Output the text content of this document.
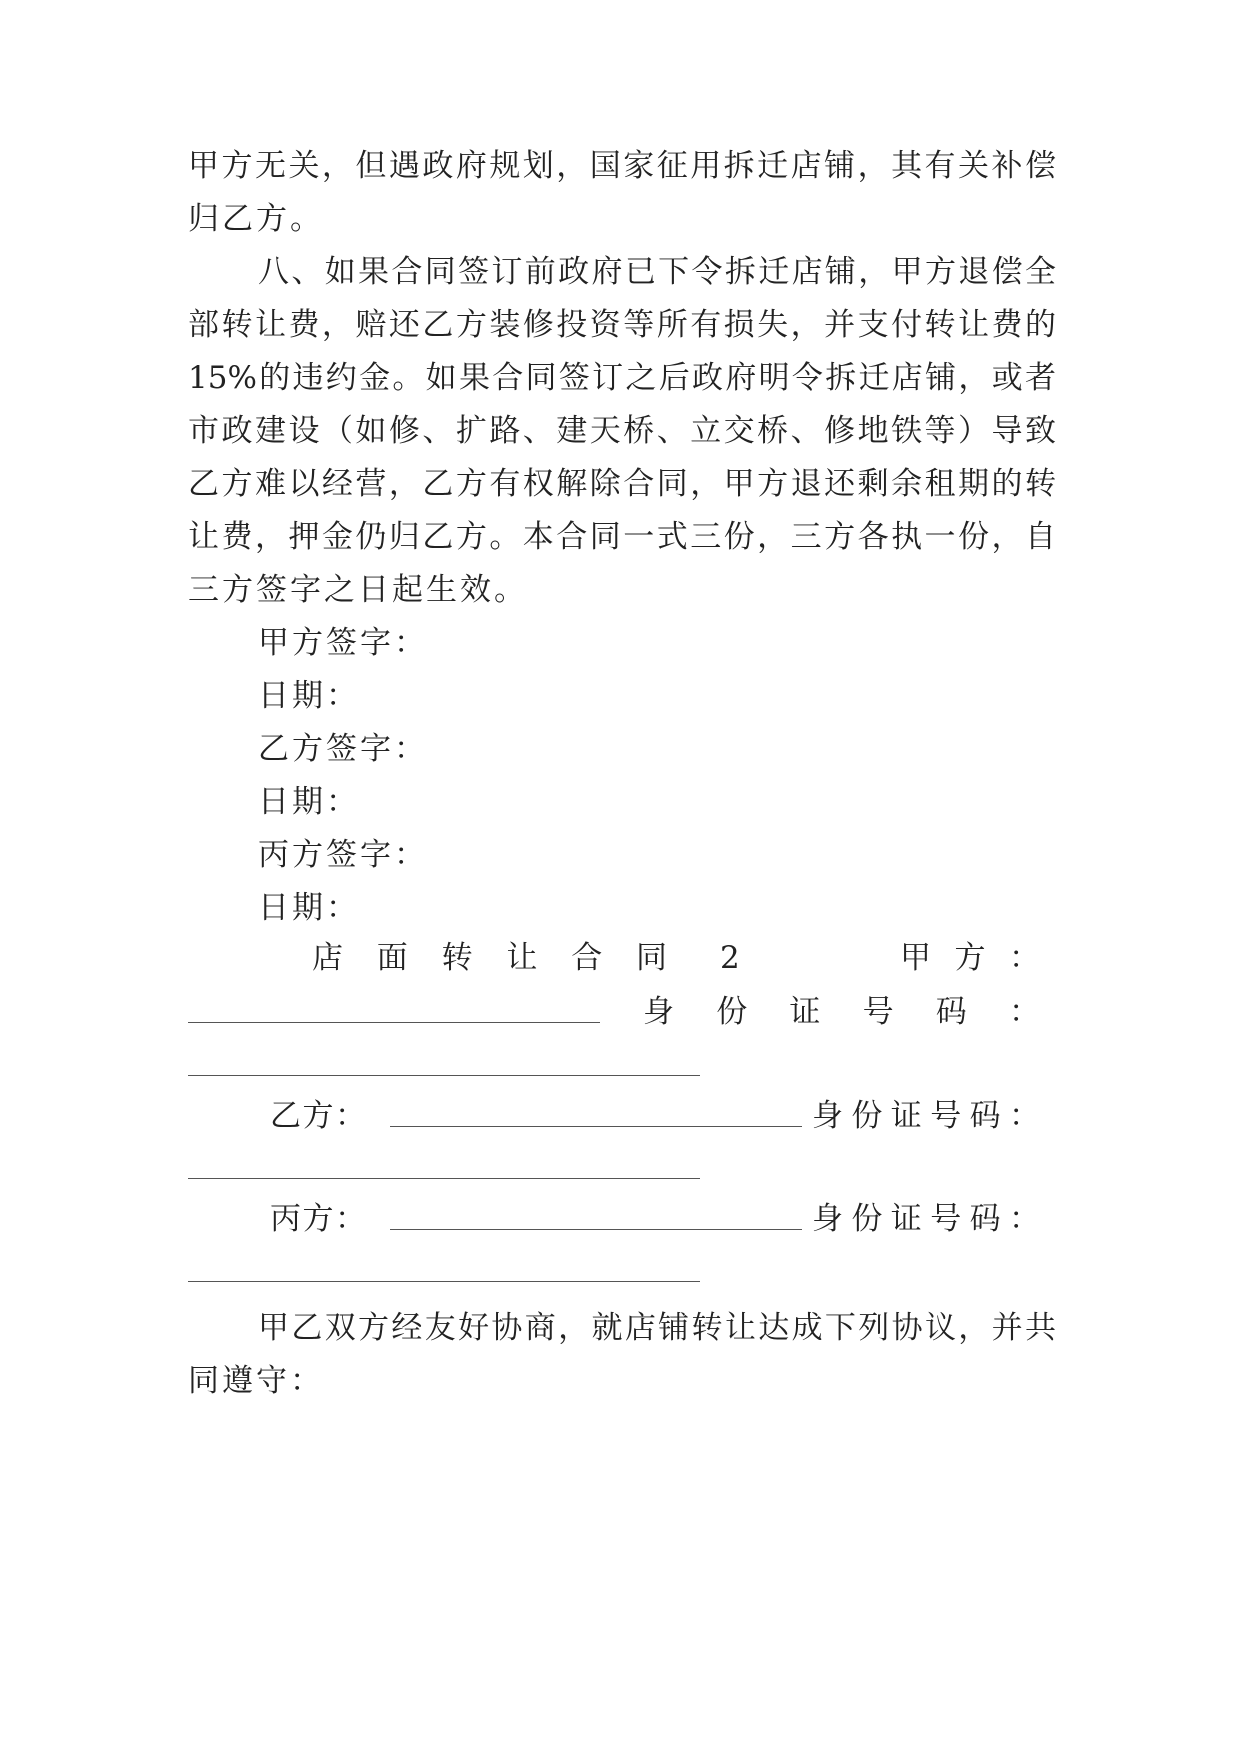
甲方无关，但遇政府规划，国家征用拆迁店铺，其有关补偿
归乙方。
八、如果合同签订前政府已下令拆迁店铺，甲方退偿全
部转让费，赔还乙方装修投资等所有损失，并支付转让费的
15%的违约金。如果合同签订之后政府明令拆迁店铺，或者
市政建设（如修、扩路、建天桥、立交桥、修地铁等）导致
乙方难以经营，乙方有权解除合同，甲方退还剩余租期的转
让费，押金仍归乙方。本合同一式三份，三方各执一份，自
三方签字之日起生效。
甲方签字：
日期：
乙方签字：
日期：
丙方签字：
日期：
店面转让合同 2	甲方：
身份证号码：
乙方：	身份证号码：
丙方：	身份证号码：
甲乙双方经友好协商，就店铺转让达成下列协议，并共
同遵守：
